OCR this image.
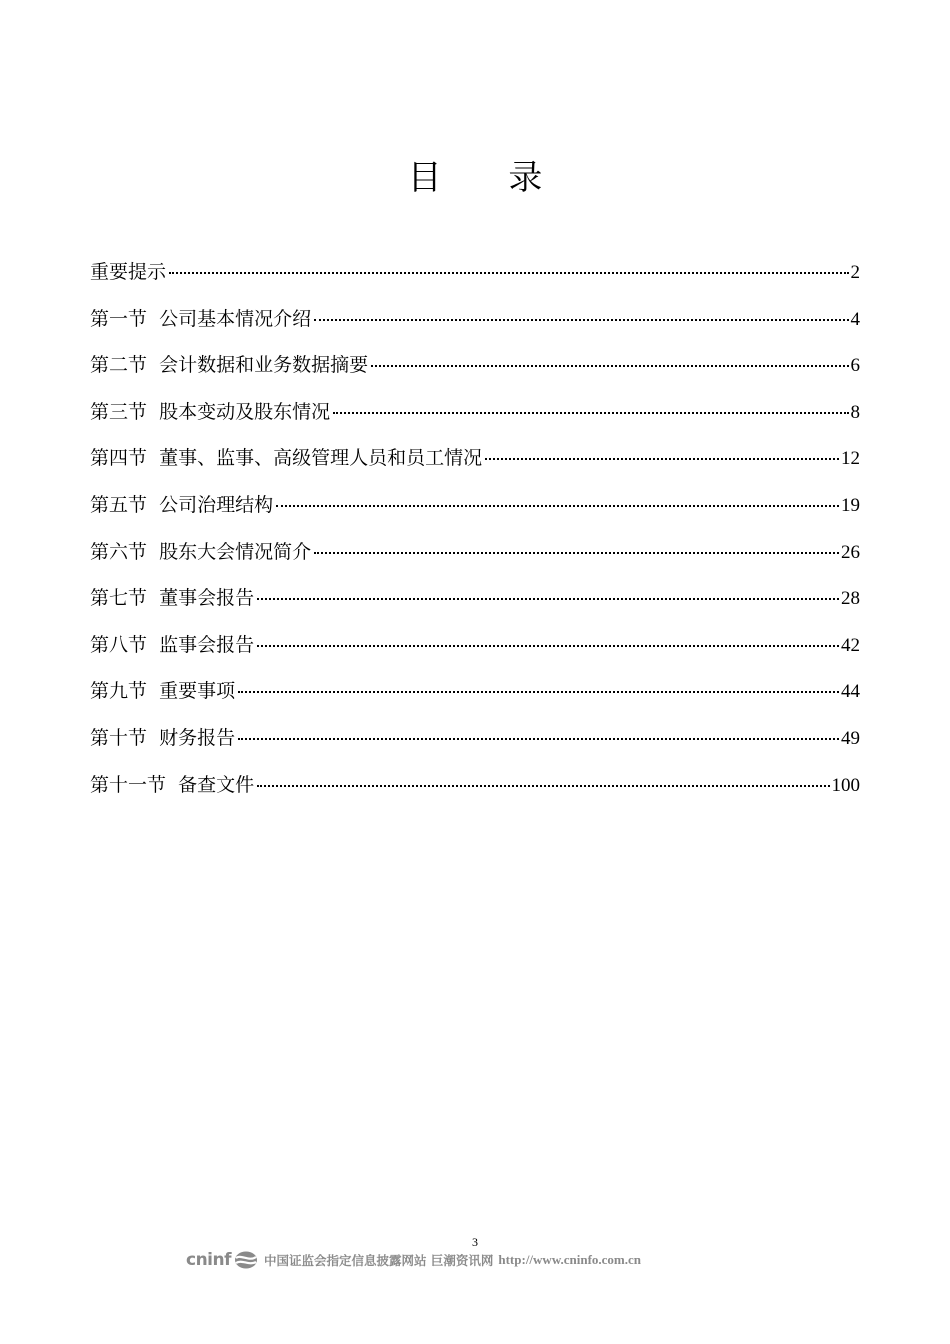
目 录
重要提示	2
第一节  公司基本情况介绍	4
第二节  会计数据和业务数据摘要	6
第三节  股本变动及股东情况	8
第四节  董事、监事、高级管理人员和员工情况	12
第五节  公司治理结构	19
第六节  股东大会情况简介	26
第七节  董事会报告	28
第八节  监事会报告	42
第九节  重要事项	44
第十节  财务报告	49
第十一节  备查文件	100
3
cninf	中国证监会指定信息披露网站 巨潮资讯网 http://www.cninfo.com.cn
